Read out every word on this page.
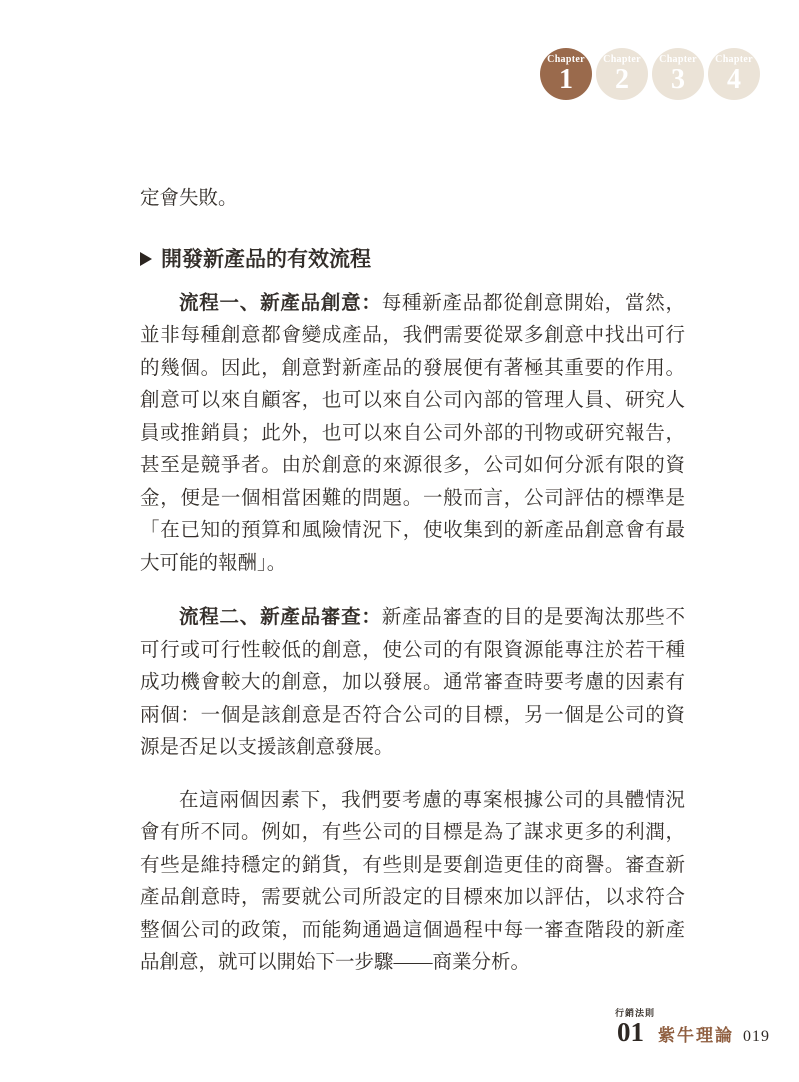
Chapter
1
Chapter
2
Chapter
3
Chapter
4

定會失敗。

開發新產品的有效流程

流程一、新產品創意：每種新產品都從創意開始，當然，並非每種創意都會變成產品，我們需要從眾多創意中找出可行的幾個。因此，創意對新產品的發展便有著極其重要的作用。創意可以來自顧客，也可以來自公司內部的管理人員、研究人員或推銷員；此外，也可以來自公司外部的刊物或研究報告，甚至是競爭者。由於創意的來源很多，公司如何分派有限的資金，便是一個相當困難的問題。一般而言，公司評估的標準是「在已知的預算和風險情況下，使收集到的新產品創意會有最大可能的報酬」。

流程二、新產品審查：新產品審查的目的是要淘汰那些不可行或可行性較低的創意，使公司的有限資源能專注於若干種成功機會較大的創意，加以發展。通常審查時要考慮的因素有兩個：一個是該創意是否符合公司的目標，另一個是公司的資源是否足以支援該創意發展。

在這兩個因素下，我們要考慮的專案根據公司的具體情況會有所不同。例如，有些公司的目標是為了謀求更多的利潤，有些是維持穩定的銷貨，有些則是要創造更佳的商譽。審查新產品創意時，需要就公司所設定的目標來加以評估，以求符合整個公司的政策，而能夠通過這個過程中每一審查階段的新產品創意，就可以開始下一步驟——商業分析。

行銷法則
01 紫牛理論 019
